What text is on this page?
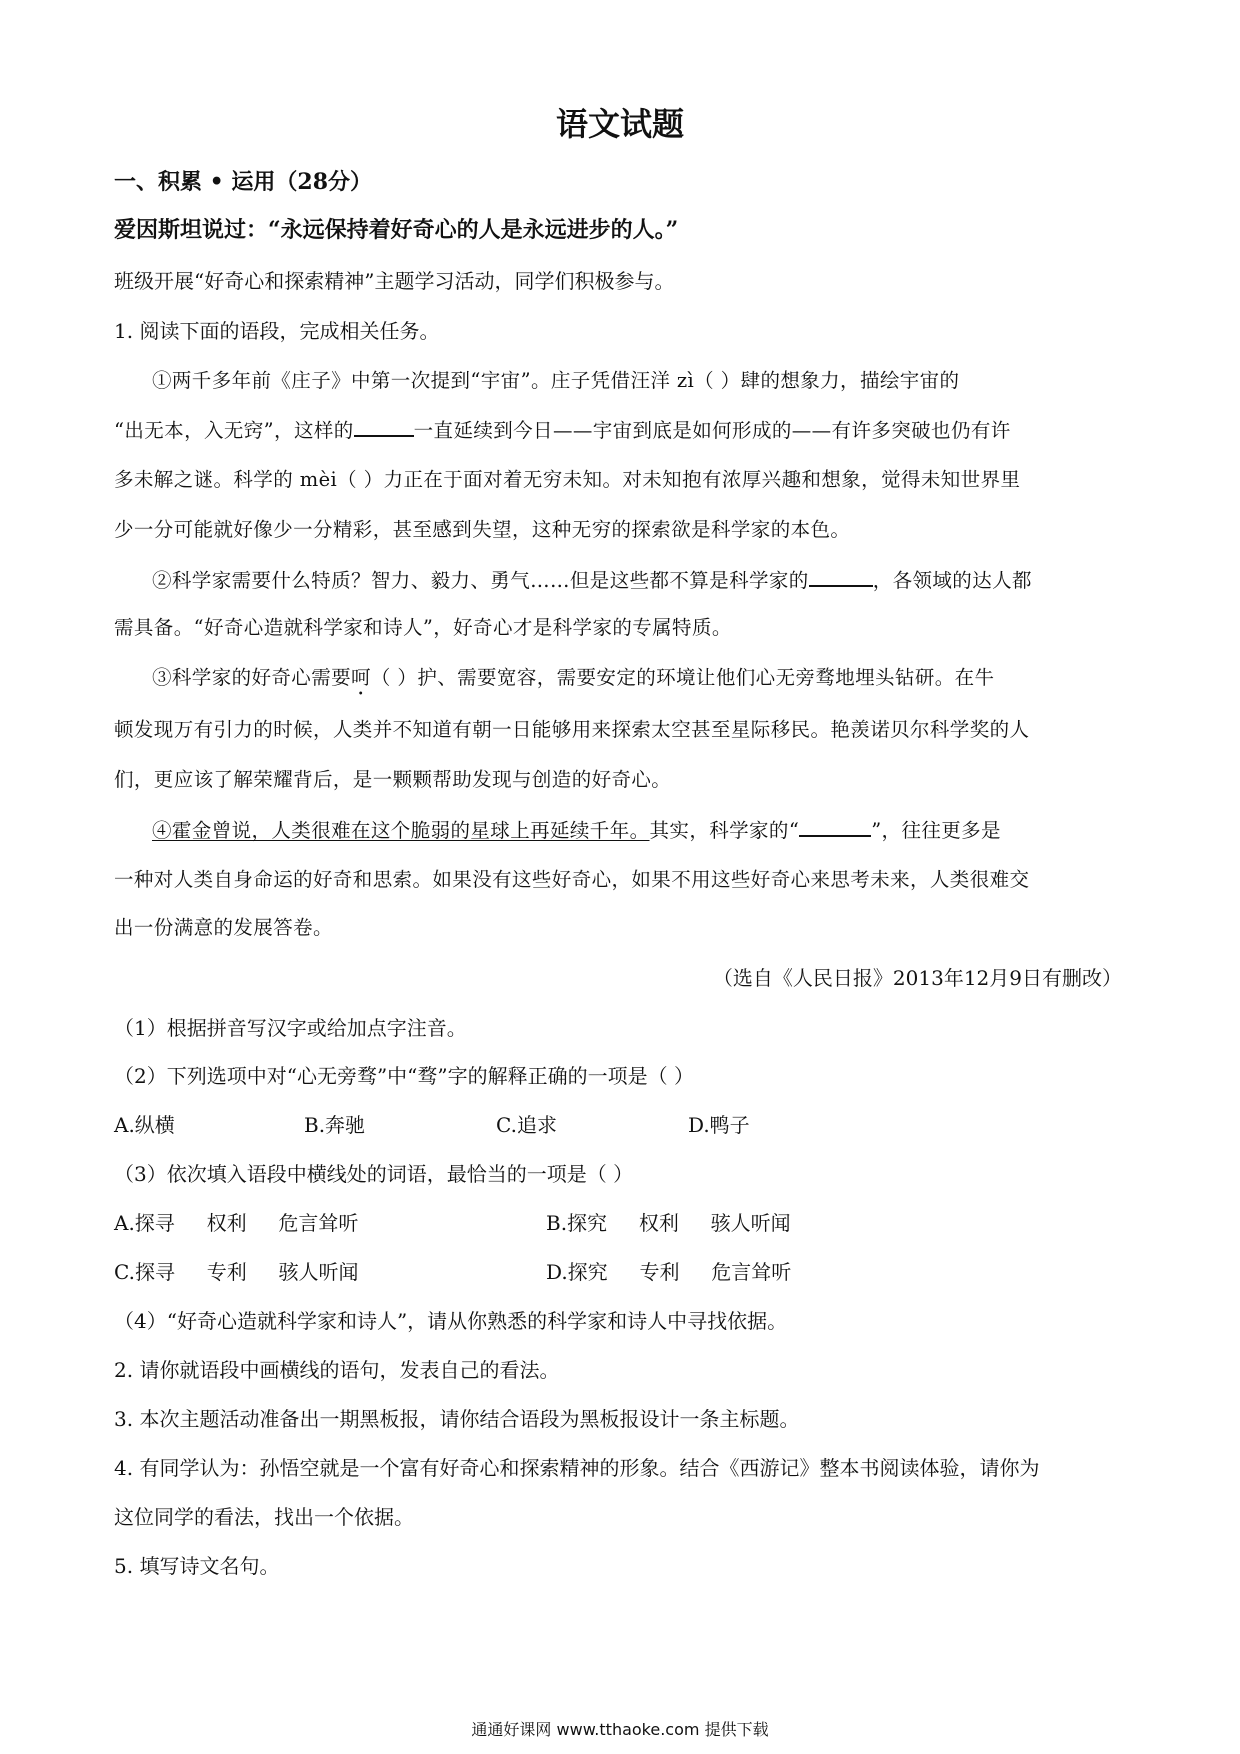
语文试题
一、积累 • 运用（28分）
爱因斯坦说过：“永远保持着好奇心的人是永远进步的人。”
班级开展“好奇心和探索精神”主题学习活动，同学们积极参与。
1. 阅读下面的语段，完成相关任务。
①两千多年前《庄子》中第一次提到“宇宙”。庄子凭借汪洋 zì（ ）肆的想象力，描绘宇宙的
“出无本，入无窍”，这样的	一直延续到今日——宇宙到底是如何形成的——有许多突破也仍有许
多未解之谜。科学的 mèi（ ）力正在于面对着无穷未知。对未知抱有浓厚兴趣和想象，觉得未知世界里
少一分可能就好像少一分精彩，甚至感到失望，这种无穷的探索欲是科学家的本色。
②科学家需要什么特质？智力、毅力、勇气……但是这些都不算是科学家的	，各领域的达人都
需具备。“好奇心造就科学家和诗人”，好奇心才是科学家的专属特质。
③科学家的好奇心需要呵（ ）护、需要宽容，需要安定的环境让他们心无旁骛地埋头钻研。在牛
顿发现万有引力的时候，人类并不知道有朝一日能够用来探索太空甚至星际移民。艳羡诺贝尔科学奖的人
们，更应该了解荣耀背后，是一颗颗帮助发现与创造的好奇心。
④霍金曾说，人类很难在这个脆弱的星球上再延续千年。其实，科学家的“	”，往往更多是
一种对人类自身命运的好奇和思索。如果没有这些好奇心，如果不用这些好奇心来思考未来，人类很难交
出一份满意的发展答卷。
（选自《人民日报》2013年12月9日有删改）
（1）根据拼音写汉字或给加点字注音。
（2）下列选项中对“心无旁骛”中“骛”字的解释正确的一项是（ ）
A.纵横	B.奔驰	C.追求	D.鸭子
（3）依次填入语段中横线处的词语，最恰当的一项是（ ）
A.探寻     权利     危言耸听	B.探究     权利     骇人听闻
C.探寻     专利     骇人听闻	D.探究     专利     危言耸听
（4）“好奇心造就科学家和诗人”，请从你熟悉的科学家和诗人中寻找依据。
2. 请你就语段中画横线的语句，发表自己的看法。
3. 本次主题活动准备出一期黑板报，请你结合语段为黑板报设计一条主标题。
4. 有同学认为：孙悟空就是一个富有好奇心和探索精神的形象。结合《西游记》整本书阅读体验，请你为
这位同学的看法，找出一个依据。
5. 填写诗文名句。
通通好课网 www.tthaoke.com 提供下载
